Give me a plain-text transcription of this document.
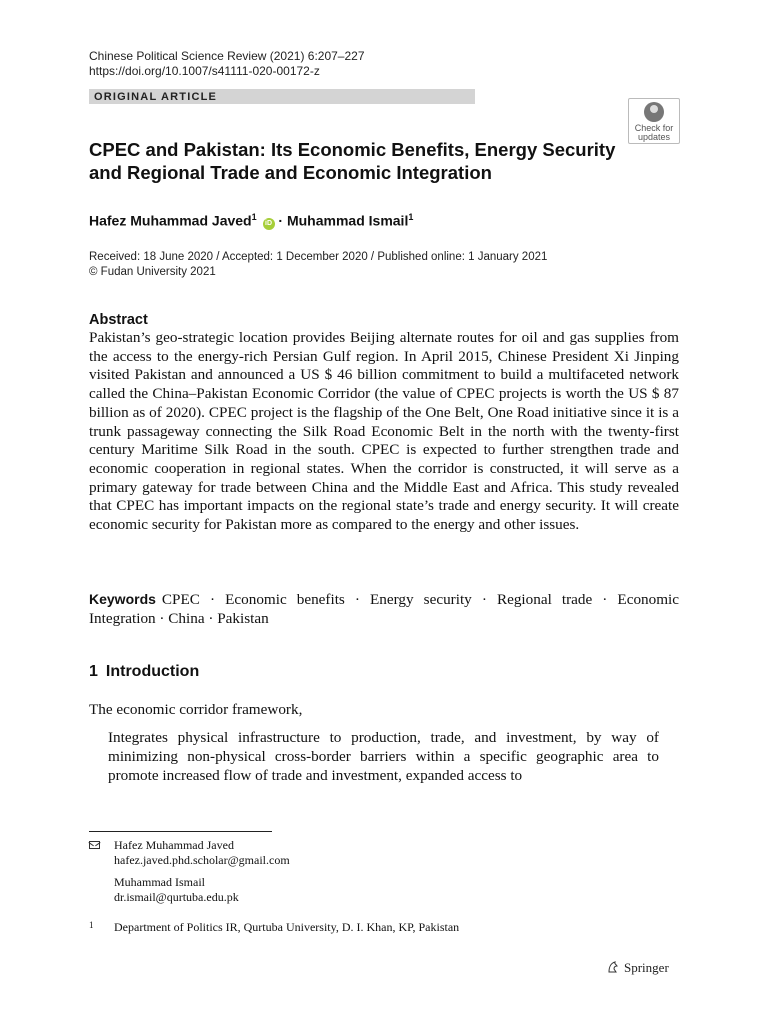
Chinese Political Science Review (2021) 6:207–227
https://doi.org/10.1007/s41111-020-00172-z
ORIGINAL ARTICLE
Check for
updates
CPEC and Pakistan: Its Economic Benefits, Energy Security and Regional Trade and Economic Integration
Hafez Muhammad Javed$^1$ iD · Muhammad Ismail$^1$
Received: 18 June 2020 / Accepted: 1 December 2020 / Published online: 1 January 2021
© Fudan University 2021
Abstract

Pakistan’s geo-strategic location provides Beijing alternate routes for oil and gas supplies from the access to the energy-rich Persian Gulf region. In April 2015, Chinese President Xi Jinping visited Pakistan and announced a US $ 46 billion commitment to build a multifaceted network called the China–Pakistan Economic Corridor (the value of CPEC projects is worth the US $ 87 billion as of 2020). CPEC project is the flagship of the One Belt, One Road initiative since it is a trunk passageway connecting the Silk Road Economic Belt in the north with the twenty-first century Maritime Silk Road in the south. CPEC is expected to further strengthen trade and economic cooperation in regional states. When the corridor is constructed, it will serve as a primary gateway for trade between China and the Middle East and Africa. This study revealed that CPEC has important impacts on the regional state’s trade and energy security. It will create economic security for Pakistan more as compared to the energy and other issues.

Keywords CPEC · Economic benefits · Energy security · Regional trade · Economic Integration · China · Pakistan

1 Introduction

The economic corridor framework,

Integrates physical infrastructure to production, trade, and investment, by way of minimizing non-physical cross-border barriers within a specific geographic area to promote increased flow of trade and investment, expanded access to

Hafez Muhammad Javed
hafez.javed.phd.scholar@gmail.com
Muhammad Ismail
dr.ismail@qurtuba.edu.pk
1 Department of Politics IR, Qurtuba University, D. I. Khan, KP, Pakistan
Springer
